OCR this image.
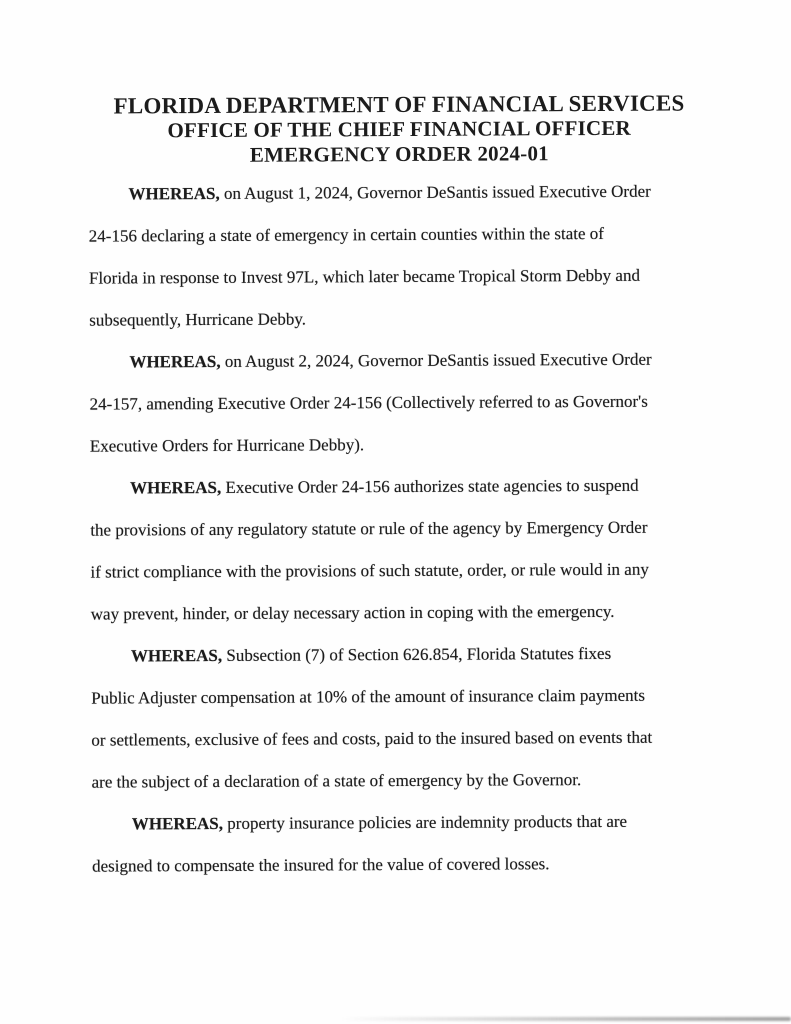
FLORIDA DEPARTMENT OF FINANCIAL SERVICES
OFFICE OF THE CHIEF FINANCIAL OFFICER
EMERGENCY ORDER 2024-01

WHEREAS, on August 1, 2024, Governor DeSantis issued Executive Order
24-156 declaring a state of emergency in certain counties within the state of
Florida in response to Invest 97L, which later became Tropical Storm Debby and
subsequently, Hurricane Debby.

WHEREAS, on August 2, 2024, Governor DeSantis issued Executive Order
24-157, amending Executive Order 24-156 (Collectively referred to as Governor's
Executive Orders for Hurricane Debby).

WHEREAS, Executive Order 24-156 authorizes state agencies to suspend
the provisions of any regulatory statute or rule of the agency by Emergency Order
if strict compliance with the provisions of such statute, order, or rule would in any
way prevent, hinder, or delay necessary action in coping with the emergency.

WHEREAS, Subsection (7) of Section 626.854, Florida Statutes fixes
Public Adjuster compensation at 10% of the amount of insurance claim payments
or settlements, exclusive of fees and costs, paid to the insured based on events that
are the subject of a declaration of a state of emergency by the Governor.

WHEREAS, property insurance policies are indemnity products that are
designed to compensate the insured for the value of covered losses.
